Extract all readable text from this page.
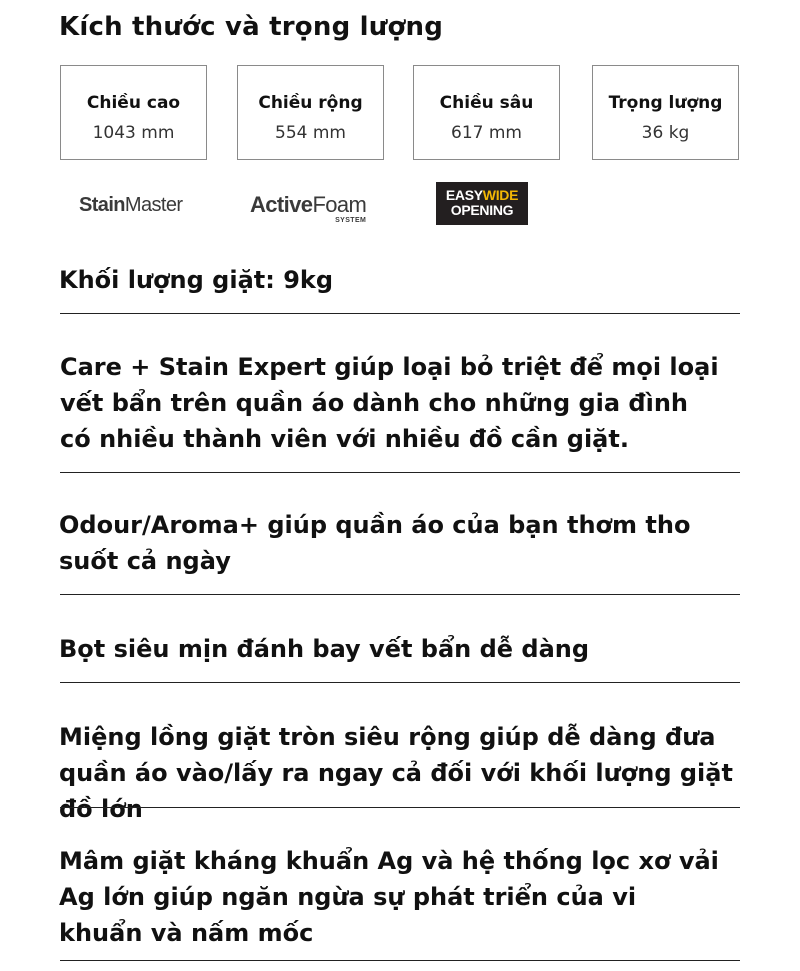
Kích thước và trọng lượng
Chiều cao
1043 mm
Chiều rộng
554 mm
Chiều sâu
617 mm
Trọng lượng
36 kg
StainMaster	ActiveFoam
SYSTEM
EASYWIDE
OPENING
Khối lượng giặt: 9kg
Care + Stain Expert giúp loại bỏ triệt để mọi loại vết bẩn trên quần áo dành cho những gia đình có nhiều thành viên với nhiều đồ cần giặt.
Odour/Aroma+ giúp quần áo của bạn thơm tho suốt cả ngày
Bọt siêu mịn đánh bay vết bẩn dễ dàng
Miệng lồng giặt tròn siêu rộng giúp dễ dàng đưa quần áo vào/lấy ra ngay cả đối với khối lượng giặt đồ lớn
Mâm giặt kháng khuẩn Ag và hệ thống lọc xơ vải Ag lớn giúp ngăn ngừa sự phát triển của vi khuẩn và nấm mốc
